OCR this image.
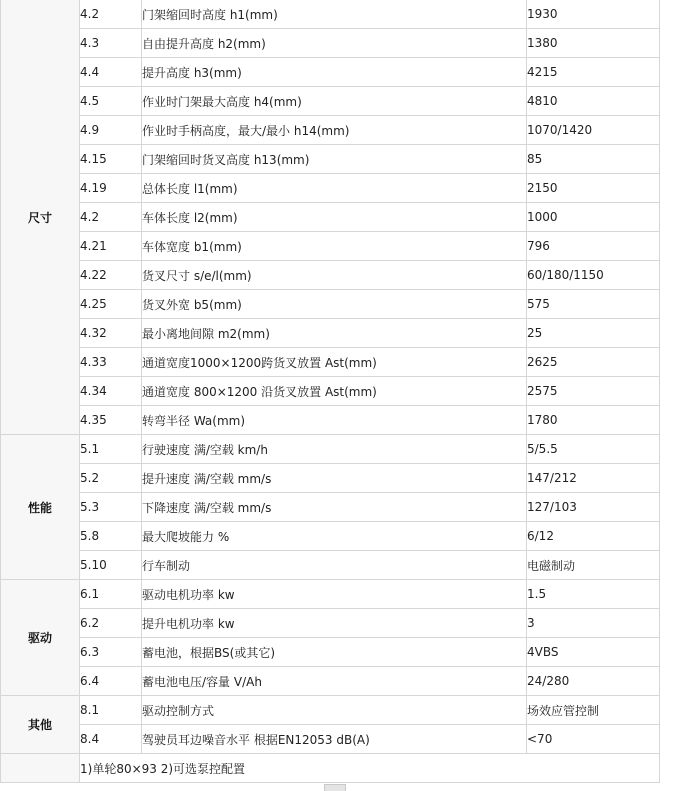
尺寸	4.2	门架缩回时高度 h1(mm)	1930
	4.3	自由提升高度 h2(mm)	1380
	4.4	提升高度 h3(mm)	4215
	4.5	作业时门架最大高度 h4(mm)	4810
	4.9	作业时手柄高度，最大/最小 h14(mm)	1070/1420
	4.15	门架缩回时货叉高度 h13(mm)	85
	4.19	总体长度 l1(mm)	2150
	4.2	车体长度 l2(mm)	1000
	4.21	车体宽度 b1(mm)	796
	4.22	货叉尺寸 s/e/l(mm)	60/180/1150
	4.25	货叉外宽 b5(mm)	575
	4.32	最小离地间隙 m2(mm)	25
	4.33	通道宽度1000×1200跨货叉放置 Ast(mm)	2625
	4.34	通道宽度 800×1200 沿货叉放置 Ast(mm)	2575
	4.35	转弯半径 Wa(mm)	1780
性能	5.1	行驶速度 满/空载 km/h	5/5.5
	5.2	提升速度 满/空载 mm/s	147/212
	5.3	下降速度 满/空载 mm/s	127/103
	5.8	最大爬坡能力 %	6/12
	5.10	行车制动	电磁制动
驱动	6.1	驱动电机功率 kw	1.5
	6.2	提升电机功率 kw	3
	6.3	蓄电池，根据BS(或其它)	4VBS
	6.4	蓄电池电压/容量 V/Ah	24/280
其他	8.1	驱动控制方式	场效应管控制
	8.4	驾驶员耳边噪音水平 根据EN12053 dB(A)	<70
	1)单轮80×93 2)可选泵控配置		
